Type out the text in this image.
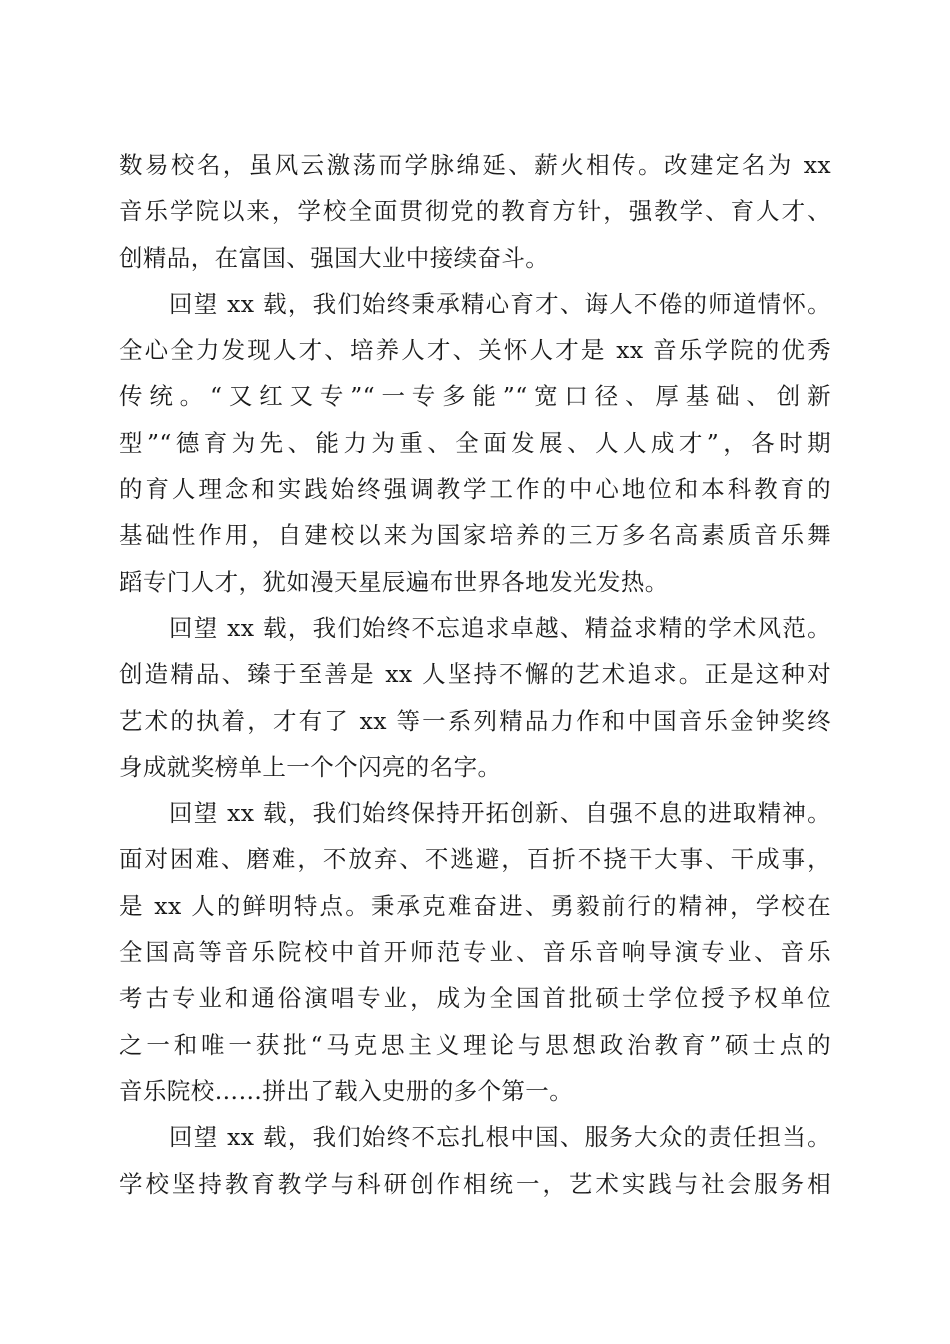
数易校名，虽风云激荡而学脉绵延、薪火相传。改建定名为 xx
音乐学院以来，学校全面贯彻党的教育方针，强教学、育人才、
创精品，在富国、强国大业中接续奋斗。
回望 xx 载，我们始终秉承精心育才、诲人不倦的师道情怀。
全心全力发现人才、培养人才、关怀人才是 xx 音乐学院的优秀
传统。“又红又专”“一专多能”“宽口径、厚基础、创新
型”“德育为先、能力为重、全面发展、人人成才”，各时期
的育人理念和实践始终强调教学工作的中心地位和本科教育的
基础性作用，自建校以来为国家培养的三万多名高素质音乐舞
蹈专门人才，犹如漫天星辰遍布世界各地发光发热。
回望 xx 载，我们始终不忘追求卓越、精益求精的学术风范。
创造精品、臻于至善是 xx 人坚持不懈的艺术追求。正是这种对
艺术的执着，才有了 xx 等一系列精品力作和中国音乐金钟奖终
身成就奖榜单上一个个闪亮的名字。
回望 xx 载，我们始终保持开拓创新、自强不息的进取精神。
面对困难、磨难，不放弃、不逃避，百折不挠干大事、干成事，
是 xx 人的鲜明特点。秉承克难奋进、勇毅前行的精神，学校在
全国高等音乐院校中首开师范专业、音乐音响导演专业、音乐
考古专业和通俗演唱专业，成为全国首批硕士学位授予权单位
之一和唯一获批“马克思主义理论与思想政治教育”硕士点的
音乐院校……拼出了载入史册的多个第一。
回望 xx 载，我们始终不忘扎根中国、服务大众的责任担当。
学校坚持教育教学与科研创作相统一，艺术实践与社会服务相
